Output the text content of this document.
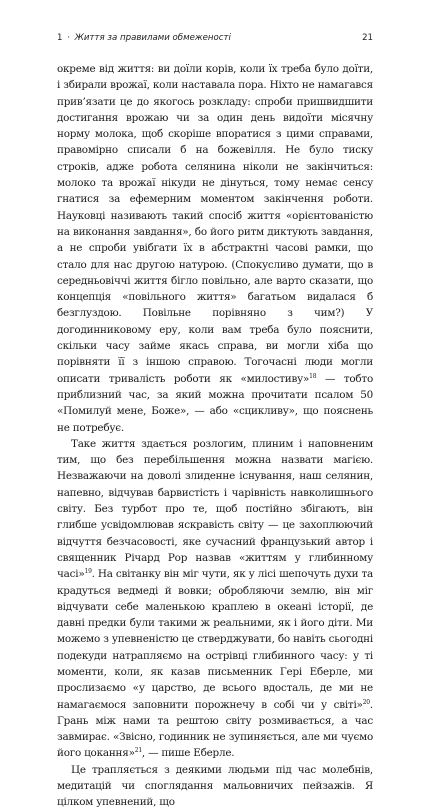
1 · Життя за правилами обмеженості	21

окреме від життя: ви доїли корів, коли їх треба було доїти, і збирали врожаї, коли наставала пора. Ніхто не намагався прив’язати це до якогось розкладу: спроби пришвидшити достигання врожаю чи за один день видоїти місячну норму молока, щоб скоріше впоратися з цими справами, правомірно списали б на божевілля. Не було тиску строків, адже робота селянина ніколи не закінчиться: молоко та врожаї нікуди не дінуться, тому немає сенсу гнатися за ефемерним моментом закінчення роботи. Науковці називають такий спосіб життя «орієнтованістю на виконання завдання», бо його ритм диктують завдання, а не спроби увібгати їх в абстрактні часові рамки, що стало для нас другою натурою. (Спокусливо думати, що в середньовіччі життя бігло повільно, але варто сказати, що концепція «повільного життя» багатьом видалася б безглуздою. Повільне порівняно з чим?) У догодинниковому еру, коли вам треба було пояснити, скільки часу займе якась справа, ви могли хіба що порівняти її з іншою справою. Тогочасні люди могли описати тривалість роботи як «милостиву»$^{18}$ — тобто приблизний час, за який можна прочитати псалом 50 «Помилуй мене, Боже», — або «сцикливу», що пояснень не потребує.

Таке життя здається розлогим, плиним і наповненим тим, що без перебільшення можна назвати магією. Незважаючи на доволі злиденне існування, наш селянин, напевно, відчував барвистість і чарівність навколишнього світу. Без турбот про те, щоб постійно збігають, він глибше усвідомлював яскравість світу — це захоплюючий відчуття безчасовості, яке сучасний французький автор і священник Річард Рор назвав «життям у глибинному часі»$^{19}$. На світанку він міг чути, як у лісі шепочуть духи та крадуться ведмеді й вовки; обробляючи землю, він міг відчувати себе маленькою краплею в океані історії, де давні предки були такими ж реальними, як і його діти. Ми можемо з упевненістю це стверджувати, бо навіть сьогодні подекуди натрапляємо на острівці глибинного часу: у ті моменти, коли, як казав письменник Гері Еберле, ми прослизаємо «у царство, де всього вдосталь, де ми не намагаємося заповнити порожнечу в собі чи у світі»$^{20}$. Грань між нами та рештою світу розмивається, а час завмирає. «Звісно, годинник не зупиняється, але ми чуємо його цокання»$^{21}$, — пише Еберле.

Це трапляється з деякими людьми під час молебнів, медитацій чи споглядання мальовничих пейзажів. Я цілком упевнений, що
